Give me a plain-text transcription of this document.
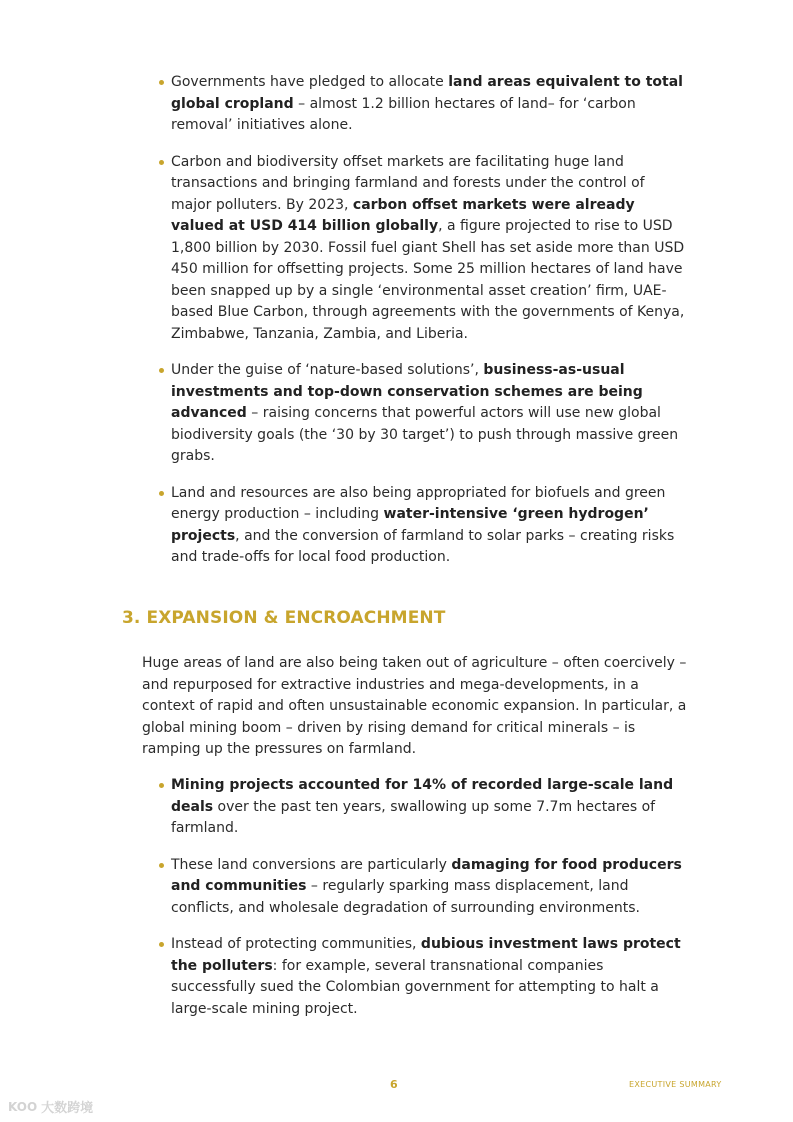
Governments have pledged to allocate land areas equivalent to total global cropland – almost 1.2 billion hectares of land– for ‘carbon removal’ initiatives alone.
Carbon and biodiversity offset markets are facilitating huge land transactions and bringing farmland and forests under the control of major polluters. By 2023, carbon offset markets were already valued at USD 414 billion globally, a figure projected to rise to USD 1,800 billion by 2030. Fossil fuel giant Shell has set aside more than USD 450 million for offsetting projects. Some 25 million hectares of land have been snapped up by a single ‘environmental asset creation’ firm, UAE-based Blue Carbon, through agreements with the governments of Kenya, Zimbabwe, Tanzania, Zambia, and Liberia.
Under the guise of ‘nature-based solutions’, business-as-usual investments and top-down conservation schemes are being advanced – raising concerns that powerful actors will use new global biodiversity goals (the ‘30 by 30 target’) to push through massive green grabs.
Land and resources are also being appropriated for biofuels and green energy production – including water-intensive ‘green hydrogen’ projects, and the conversion of farmland to solar parks – creating risks and trade-offs for local food production.
3. EXPANSION & ENCROACHMENT

Huge areas of land are also being taken out of agriculture – often coercively – and repurposed for extractive industries and mega-developments, in a context of rapid and often unsustainable economic expansion. In particular, a global mining boom – driven by rising demand for critical minerals – is ramping up the pressures on farmland.

Mining projects accounted for 14% of recorded large-scale land deals over the past ten years, swallowing up some 7.7m hectares of farmland.
These land conversions are particularly damaging for food producers and communities – regularly sparking mass displacement, land conflicts, and wholesale degradation of surrounding environments.
Instead of protecting communities, dubious investment laws protect the polluters: for example, several transnational companies successfully sued the Colombian government for attempting to halt a large-scale mining project.
6	EXECUTIVE SUMMARY
KOO 大数跨境
